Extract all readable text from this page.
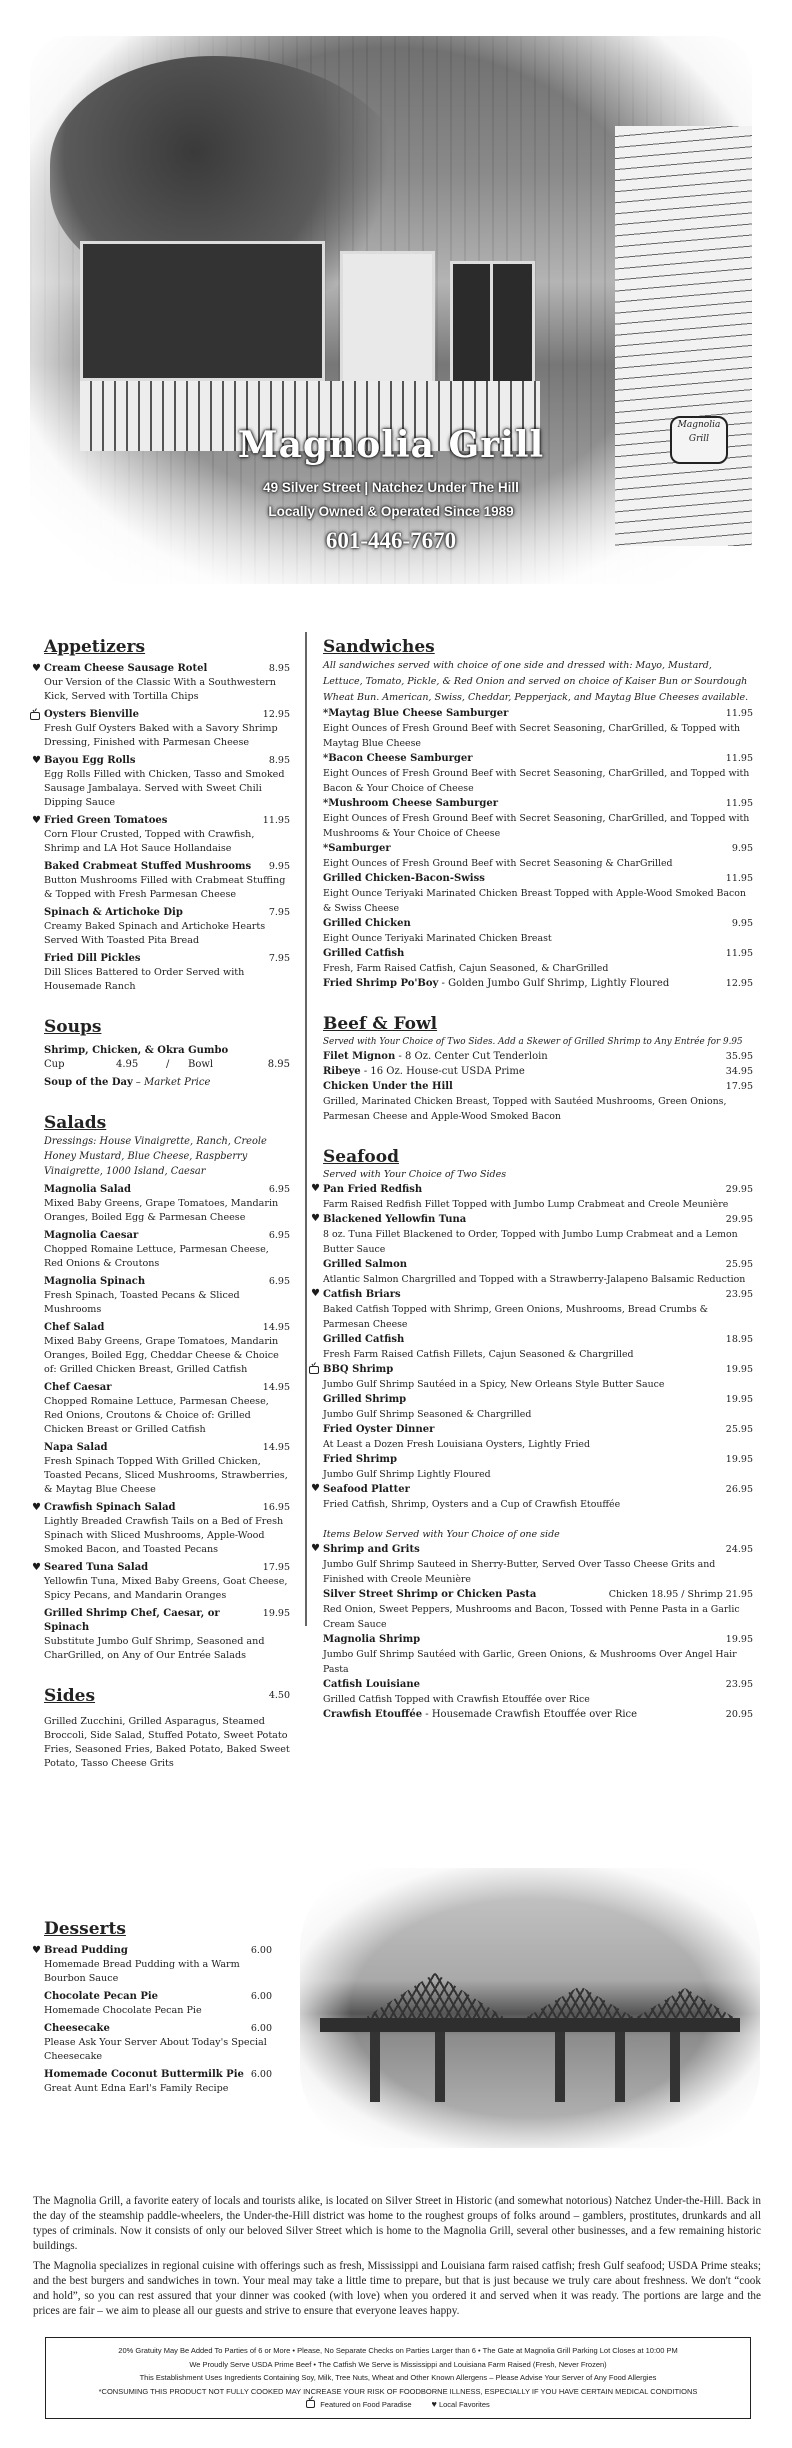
Magnolia Grill
Magnolia Grill
49 Silver Street | Natchez Under The Hill
Locally Owned & Operated Since 1989
601-446-7670
Appetizers
♥ Cream Cheese Sausage Rotel	8.95
Our Version of the Classic With a Southwestern Kick, Served with Tortilla Chips
Oysters Bienville	12.95
Fresh Gulf Oysters Baked with a Savory Shrimp Dressing, Finished with Parmesan Cheese
♥ Bayou Egg Rolls	8.95
Egg Rolls Filled with Chicken, Tasso and Smoked Sausage Jambalaya. Served with Sweet Chili Dipping Sauce
♥ Fried Green Tomatoes	11.95
Corn Flour Crusted, Topped with Crawfish, Shrimp and LA Hot Sauce Hollandaise
Baked Crabmeat Stuffed Mushrooms	9.95
Button Mushrooms Filled with Crabmeat Stuffing & Topped with Fresh Parmesan Cheese
Spinach & Artichoke Dip	7.95
Creamy Baked Spinach and Artichoke Hearts Served With Toasted Pita Bread
Fried Dill Pickles	7.95
Dill Slices Battered to Order Served with Housemade Ranch
Soups
Shrimp, Chicken, & Okra Gumbo
Cup	4.95	/	Bowl	8.95
Soup of the Day – Market Price
Salads
Dressings: House Vinaigrette, Ranch, Creole Honey Mustard, Blue Cheese, Raspberry Vinaigrette, 1000 Island, Caesar
Magnolia Salad	6.95
Mixed Baby Greens, Grape Tomatoes, Mandarin Oranges, Boiled Egg & Parmesan Cheese
Magnolia Caesar	6.95
Chopped Romaine Lettuce, Parmesan Cheese, Red Onions & Croutons
Magnolia Spinach	6.95
Fresh Spinach, Toasted Pecans & Sliced Mushrooms
Chef Salad	14.95
Mixed Baby Greens, Grape Tomatoes, Mandarin Oranges, Boiled Egg, Cheddar Cheese & Choice of: Grilled Chicken Breast, Grilled Catfish
Chef Caesar	14.95
Chopped Romaine Lettuce, Parmesan Cheese, Red Onions, Croutons & Choice of: Grilled Chicken Breast or Grilled Catfish
Napa Salad	14.95
Fresh Spinach Topped With Grilled Chicken, Toasted Pecans, Sliced Mushrooms, Strawberries, & Maytag Blue Cheese
♥ Crawfish Spinach Salad	16.95
Lightly Breaded Crawfish Tails on a Bed of Fresh Spinach with Sliced Mushrooms, Apple-Wood Smoked Bacon, and Toasted Pecans
♥ Seared Tuna Salad	17.95
Yellowfin Tuna, Mixed Baby Greens, Goat Cheese, Spicy Pecans, and Mandarin Oranges
Grilled Shrimp Chef, Caesar, or Spinach
19.95
Substitute Jumbo Gulf Shrimp, Seasoned and CharGrilled, on Any of Our Entrée Salads
Sides	4.50
Grilled Zucchini, Grilled Asparagus, Steamed Broccoli, Side Salad, Stuffed Potato, Sweet Potato Fries, Seasoned Fries, Baked Potato, Baked Sweet Potato, Tasso Cheese Grits
Sandwiches
All sandwiches served with choice of one side and dressed with: Mayo, Mustard, Lettuce, Tomato, Pickle, & Red Onion and served on choice of Kaiser Bun or Sourdough Wheat Bun. American, Swiss, Cheddar, Pepperjack, and Maytag Blue Cheeses available.
*Maytag Blue Cheese Samburger	11.95
Eight Ounces of Fresh Ground Beef with Secret Seasoning, CharGrilled, & Topped with Maytag Blue Cheese
*Bacon Cheese Samburger	11.95
Eight Ounces of Fresh Ground Beef with Secret Seasoning, CharGrilled, and Topped with Bacon & Your Choice of Cheese
*Mushroom Cheese Samburger	11.95
Eight Ounces of Fresh Ground Beef with Secret Seasoning, CharGrilled, and Topped with Mushrooms & Your Choice of Cheese
*Samburger	9.95
Eight Ounces of Fresh Ground Beef with Secret Seasoning & CharGrilled
Grilled Chicken-Bacon-Swiss	11.95
Eight Ounce Teriyaki Marinated Chicken Breast Topped with Apple-Wood Smoked Bacon & Swiss Cheese
Grilled Chicken	9.95
Eight Ounce Teriyaki Marinated Chicken Breast
Grilled Catfish	11.95
Fresh, Farm Raised Catfish, Cajun Seasoned, & CharGrilled
Fried Shrimp Po'Boy - Golden Jumbo Gulf Shrimp, Lightly Floured	12.95
Beef & Fowl
Served with Your Choice of Two Sides. Add a Skewer of Grilled Shrimp to Any Entrée for 9.95
Filet Mignon - 8 Oz. Center Cut Tenderloin	35.95
Ribeye - 16 Oz. House-cut USDA Prime	34.95
Chicken Under the Hill	17.95
Grilled, Marinated Chicken Breast, Topped with Sautéed Mushrooms, Green Onions, Parmesan Cheese and Apple-Wood Smoked Bacon
Seafood
Served with Your Choice of Two Sides
♥ Pan Fried Redfish	29.95
Farm Raised Redfish Fillet Topped with Jumbo Lump Crabmeat and Creole Meunière
♥ Blackened Yellowfin Tuna	29.95
8 oz. Tuna Fillet Blackened to Order, Topped with Jumbo Lump Crabmeat and a Lemon Butter Sauce
Grilled Salmon	25.95
Atlantic Salmon Chargrilled and Topped with a Strawberry-Jalapeno Balsamic Reduction
♥ Catfish Briars	23.95
Baked Catfish Topped with Shrimp, Green Onions, Mushrooms, Bread Crumbs & Parmesan Cheese
Grilled Catfish	18.95
Fresh Farm Raised Catfish Fillets, Cajun Seasoned & Chargrilled
BBQ Shrimp	19.95
Jumbo Gulf Shrimp Sautéed in a Spicy, New Orleans Style Butter Sauce
Grilled Shrimp	19.95
Jumbo Gulf Shrimp Seasoned & Chargrilled
Fried Oyster Dinner	25.95
At Least a Dozen Fresh Louisiana Oysters, Lightly Fried
Fried Shrimp	19.95
Jumbo Gulf Shrimp Lightly Floured
♥ Seafood Platter	26.95
Fried Catfish, Shrimp, Oysters and a Cup of Crawfish Etouffée
Items Below Served with Your Choice of one side
♥ Shrimp and Grits	24.95
Jumbo Gulf Shrimp Sauteed in Sherry-Butter, Served Over Tasso Cheese Grits and Finished with Creole Meunière
Silver Street Shrimp or Chicken Pasta	Chicken 18.95 / Shrimp 21.95
Red Onion, Sweet Peppers, Mushrooms and Bacon, Tossed with Penne Pasta in a Garlic Cream Sauce
Magnolia Shrimp	19.95
Jumbo Gulf Shrimp Sautéed with Garlic, Green Onions, & Mushrooms Over Angel Hair Pasta
Catfish Louisiane	23.95
Grilled Catfish Topped with Crawfish Etouffée over Rice
Crawfish Etouffée - Housemade Crawfish Etouffée over Rice	20.95
Desserts
♥ Bread Pudding	6.00
Homemade Bread Pudding with a Warm Bourbon Sauce
Chocolate Pecan Pie	6.00
Homemade Chocolate Pecan Pie
Cheesecake	6.00
Please Ask Your Server About Today's Special Cheesecake
Homemade Coconut Buttermilk Pie 6.00
Great Aunt Edna Earl's Family Recipe

The Magnolia Grill, a favorite eatery of locals and tourists alike, is located on Silver Street in Historic (and somewhat notorious) Natchez Under-the-Hill. Back in the day of the steamship paddle-wheelers, the Under-the-Hill district was home to the roughest groups of folks around – gamblers, prostitutes, drunkards and all types of criminals. Now it consists of only our beloved Silver Street which is home to the Magnolia Grill, several other businesses, and a few remaining historic buildings.

The Magnolia specializes in regional cuisine with offerings such as fresh, Mississippi and Louisiana farm raised catfish; fresh Gulf seafood; USDA Prime steaks; and the best burgers and sandwiches in town. Your meal may take a little time to prepare, but that is just because we truly care about freshness. We don't “cook and hold”, so you can rest assured that your dinner was cooked (with love) when you ordered it and served when it was ready. The portions are large and the prices are fair – we aim to please all our guests and strive to ensure that everyone leaves happy.

20% Gratuity May Be Added To Parties of 6 or More • Please, No Separate Checks on Parties Larger than 6 • The Gate at Magnolia Grill Parking Lot Closes at 10:00 PM
We Proudly Serve USDA Prime Beef • The Catfish We Serve is Mississippi and Louisiana Farm Raised (Fresh, Never Frozen)
This Establishment Uses Ingredients Containing Soy, Milk, Tree Nuts, Wheat and Other Known Allergens – Please Advise Your Server of Any Food Allergies
*CONSUMING THIS PRODUCT NOT FULLY COOKED MAY INCREASE YOUR RISK OF FOODBORNE ILLNESS, ESPECIALLY IF YOU HAVE CERTAIN MEDICAL CONDITIONS
Featured on Food Paradise ♥ Local Favorites
